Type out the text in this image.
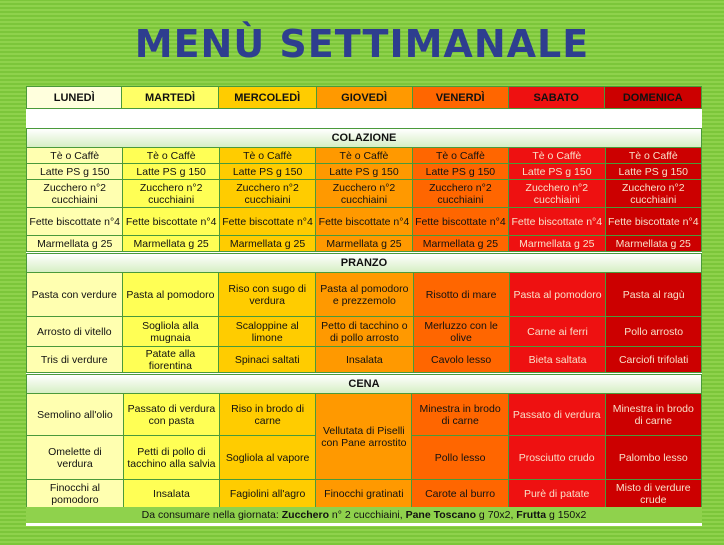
MENÙ SETTIMANALE
LUNEDÌ	MARTEDÌ	MERCOLEDÌ	GIOVEDÌ	VENERDÌ	SABATO	DOMENICA
COLAZIONE
Tè o Caffè	Tè o Caffè	Tè o Caffè	Tè o Caffè	Tè o Caffè	Tè o Caffè	Tè o Caffè
Latte PS g 150	Latte PS g 150	Latte PS g 150	Latte PS g 150	Latte PS g 150	Latte PS g 150	Latte PS g 150
Zucchero n°2 cucchiaini	Zucchero n°2 cucchiaini	Zucchero n°2 cucchiaini	Zucchero n°2 cucchiaini	Zucchero n°2 cucchiaini	Zucchero n°2 cucchiaini	Zucchero n°2 cucchiaini
Fette biscottate n°4	Fette biscottate n°4	Fette biscottate n°4	Fette biscottate n°4	Fette biscottate n°4	Fette biscottate n°4	Fette biscottate n°4
Marmellata g 25	Marmellata g 25	Marmellata g 25	Marmellata g 25	Marmellata g 25	Marmellata g 25	Marmellata g 25
PRANZO
Pasta con verdure	Pasta al pomodoro	Riso con sugo di verdura	Pasta al pomodoro e prezzemolo	Risotto di mare	Pasta al pomodoro	Pasta al ragù
Arrosto di vitello	Sogliola alla mugnaia	Scaloppine al limone	Petto di tacchino o di pollo arrosto	Merluzzo con le olive	Carne ai ferri	Pollo arrosto
Tris di verdure	Patate alla fiorentina	Spinaci saltati	Insalata	Cavolo lesso	Bieta saltata	Carciofi trifolati
CENA
Semolino all'olio	Passato di verdura con pasta	Riso in brodo di carne	Vellutata di Piselli con Pane arrostito	Minestra in brodo di carne	Passato di verdura	Minestra in brodo di carne
Omelette di verdura	Petti di pollo di tacchino alla salvia	Sogliola al vapore		Pollo lesso	Prosciutto crudo	Palombo lesso
Finocchi al pomodoro	Insalata	Fagiolini all'agro	Finocchi gratinati	Carote al burro	Purè di patate	Misto di verdure crude
Da consumare nella giornata: Zucchero n° 2 cucchiaini, Pane Toscano g 70x2, Frutta g 150x2
